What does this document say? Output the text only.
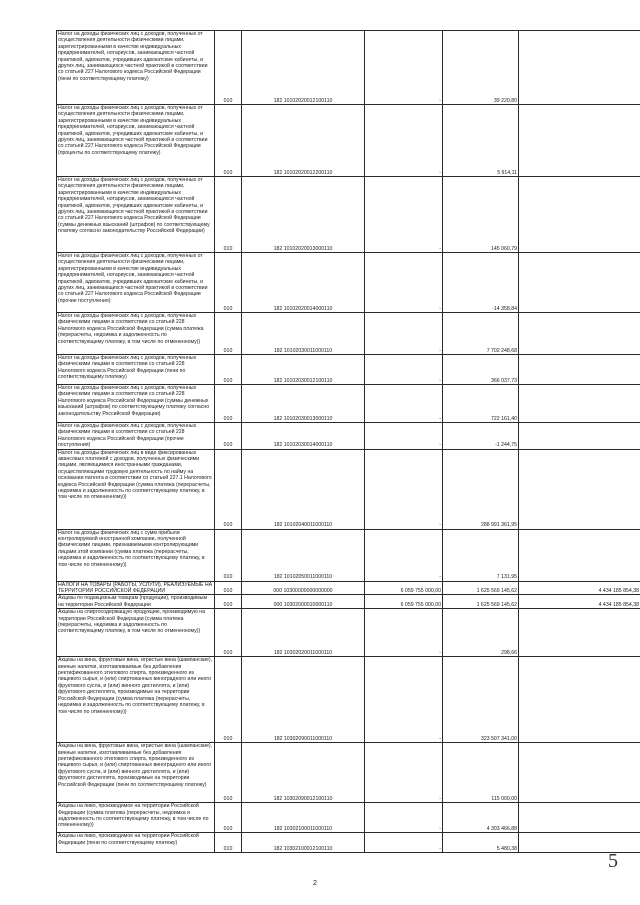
Налог на доходы физических лиц с доходов, полученных от осуществления деятельности физическими лицами, зарегистрированными в качестве индивидуальных предпринимателей, нотариусов, занимающихся частной практикой, адвокатов, учредивших адвокатские кабинеты, и других лиц, занимающихся частной практикой в соответствии со статьей 227 Налогового кодекса Российской Федерации (пени по соответствующему платежу)	010	182 10102020012100110	-	39 220,80	

Налог на доходы физических лиц с доходов, полученных от осуществления деятельности физическими лицами, зарегистрированными в качестве индивидуальных предпринимателей, нотариусов, занимающихся частной практикой, адвокатов, учредивших адвокатские кабинеты, и других лиц, занимающихся частной практикой в соответствии со статьей 227 Налогового кодекса Российской Федерации (проценты по соответствующему платежу)	010	182 10102020012200110	-	5 914,11	

Налог на доходы физических лиц с доходов, полученных от осуществления деятельности физическими лицами, зарегистрированными в качестве индивидуальных предпринимателей, нотариусов, занимающихся частной практикой, адвокатов, учредивших адвокатские кабинеты, и других лиц, занимающихся частной практикой в соответствии со статьей 227 Налогового кодекса Российской Федерации (суммы денежных взысканий (штрафов) по соответствующему платежу согласно законодательству Российской Федерации)	010	182 10102020013000110	-	145 060,79	

Налог на доходы физических лиц с доходов, полученных от осуществления деятельности физическими лицами, зарегистрированными в качестве индивидуальных предпринимателей, нотариусов, занимающихся частной практикой, адвокатов, учредивших адвокатские кабинеты, и других лиц, занимающихся частной практикой в соответствии со статьей 227 Налогового кодекса Российской Федерации (прочие поступления)	010	182 10102020014000110	-	-14 358,84	

Налог на доходы физических лиц с доходов, полученных физическими лицами в соответствии со статьей 228 Налогового кодекса Российской Федерации (сумма платежа (перерасчеты, недоимка и задолженность по соответствующему платежу, в том числе по отмененному))	010	182 10102030011000110	-	7 702 248,68	

Налог на доходы физических лиц с доходов, полученных физическими лицами в соответствии со статьей 228 Налогового кодекса Российской Федерации (пени по соответствующему платежу)	010	182 10102030012100110	-	366 037,73	

Налог на доходы физических лиц с доходов, полученных физическими лицами в соответствии со статьей 228 Налогового кодекса Российской Федерации (суммы денежных взысканий (штрафов) по соответствующему платежу согласно законодательству Российской Федерации)	010	182 10102030013000110	-	722 161,40	

Налог на доходы физических лиц с доходов, полученных физическими лицами в соответствии со статьей 228 Налогового кодекса Российской Федерации (прочие поступления)	010	182 10102030014000110	-	-1 244,75	

Налог на доходы физических лиц в виде фиксированных авансовых платежей с доходов, полученных физическими лицами, являющимися иностранными гражданами, осуществляющими трудовую деятельность по найму на основании патента в соответствии со статьей 227.1 Налогового кодекса Российской Федерации (сумма платежа (перерасчеты, недоимка и задолженность по соответствующему платежу, в том числе по отмененному))	010	182 10102040011000110	-	288 991 361,95	

Налог на доходы физических лиц с сумм прибыли контролируемой иностранной компании, полученной физическими лицами, признаваемыми контролирующими лицами этой компании (сумма платежа (перерасчеты, недоимка и задолженность по соответствующему платежу, в том числе по отмененному))	010	182 10102050011000110	-	7 131,95	

НАЛОГИ НА ТОВАРЫ (РАБОТЫ, УСЛУГИ), РЕАЛИЗУЕМЫЕ НА ТЕРРИТОРИИ РОССИЙСКОЙ ФЕДЕРАЦИИ	010	000 10300000000000000	6 059 755 000,00	1 625 569 145,62	4 434 185 854,38

Акцизы по подакцизным товарам (продукции), производимым на территории Российской Федерации	010	000 10302000010000110	6 059 755 000,00	1 625 569 145,62	4 434 185 854,38

Акцизы на спиртосодержащую продукцию, производимую на территории Российской Федерации (сумма платежа (перерасчеты, недоимка и задолженность по соответствующему платежу, в том числе по отмененному))	010	182 10302020011000110	-	298,66	

Акцизы на вина, фруктовые вина, игристые вина (шампанские), винные напитки, изготавливаемые без добавления ректификованного этилового спирта, произведенного из пищевого сырья, и (или) спиртованных виноградного или иного фруктового сусла, и (или) винного дистиллята, и (или) фруктового дистиллята, производимые на территории Российской Федерации (сумма платежа (перерасчеты, недоимка и задолженность по соответствующему платежу, в том числе по отмененному))	010	182 10302090011000110	-	323 507 341,00	

Акцизы на вина, фруктовые вина, игристые вина (шампанские), винные напитки, изготавливаемые без добавления ректификованного этилового спирта, произведенного из пищевого сырья, и (или) спиртованных виноградного или иного фруктового сусла, и (или) винного дистиллята, и (или) фруктового дистиллята, производимые на территории Российской Федерации (пени по соответствующему платежу)	010	182 10302090012100110	-	115 000,00	

Акцизы на пиво, производимое на территории Российской Федерации (сумма платежа (перерасчеты, недоимка и задолженность по соответствующему платежу, в том числе по отмененному))	010	182 10302100011000110	-	4 303 466,88	

Акцизы на пиво, производимое на территории Российской Федерации (пени по соответствующему платежу)	010	182 10302100012100110	-	5 480,38	

2
5
